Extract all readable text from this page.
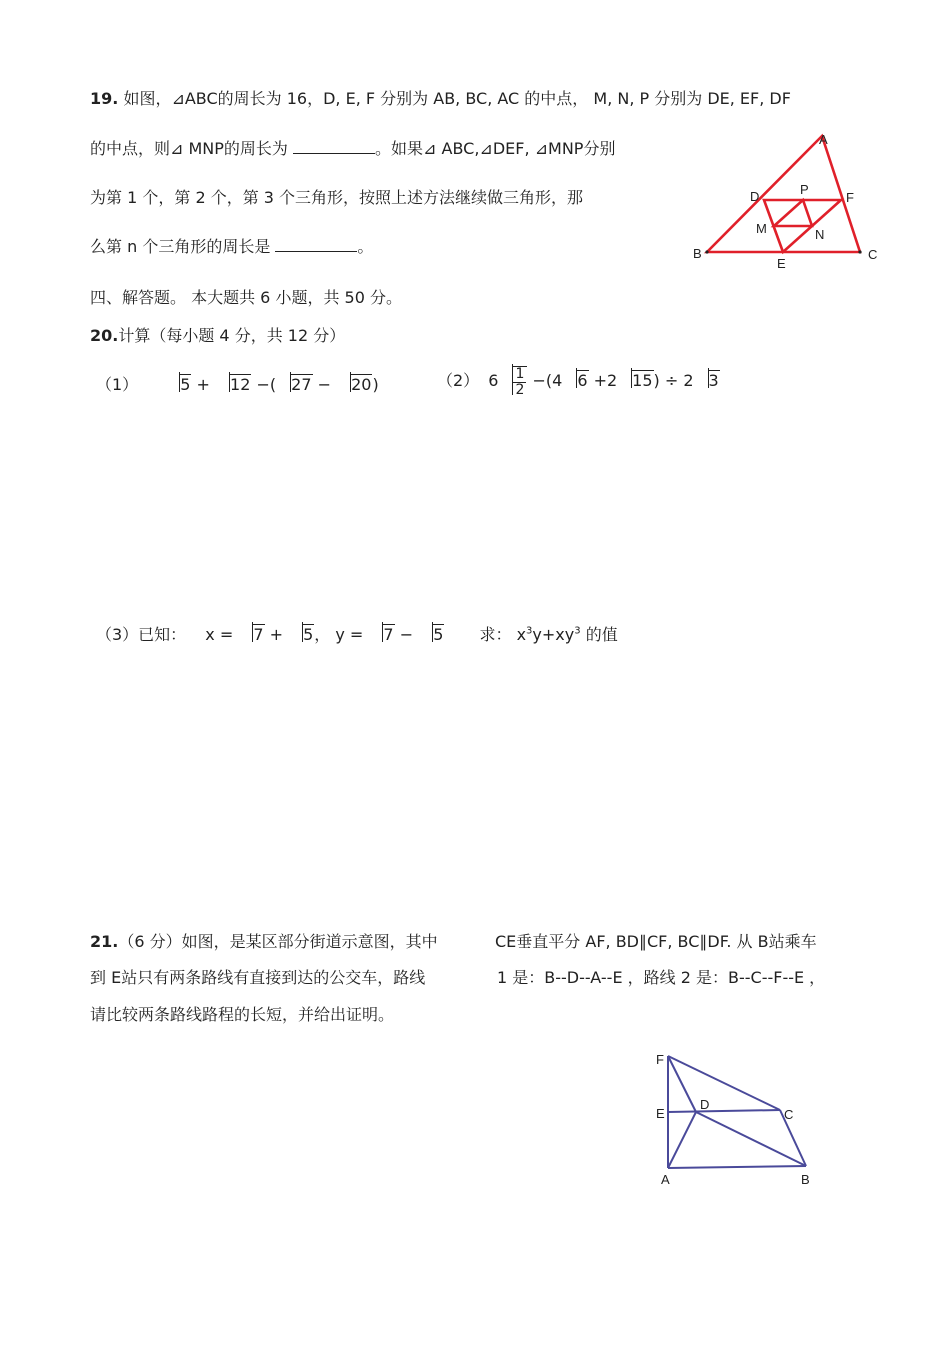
19. 如图，⊿ABC的周长为 16，D, E, F 分别为 AB, BC, AC 的中点， M, N, P 分别为 DE, EF, DF
的中点，则⊿ MNP的周长为	。如果⊿ ABC,⊿DEF, ⊿MNP分别
为第 1 个，第 2 个，第 3 个三角形，按照上述方法继续做三角形，那
么第 n 个三角形的周长是	。
A
B	C
D
E
F
M	N
P
四、解答题。 本大题共 6 小题，共 50 分。
20.计算（每小题 4 分，共 12 分）
（1）	5 + 12 −( 27 − 20)	（2） $6 \frac{1}{2} -(4$ 6 +2 15) ÷ 2 3
（3）已知： x = 7 + 5， y = 7 − 5 求： $x^3y+xy^3$ 的值
21.（6 分）如图，是某区部分街道示意图，其中	CE垂直平分 AF, BD∥CF, BC∥DF. 从 B站乘车
到 E站只有两条路线有直接到达的公交车，路线	1 是：B--D--A--E ，路线 2 是：B--C--F--E ，
请比较两条路线路程的长短，并给出证明。
F
E
D
C
A	B
